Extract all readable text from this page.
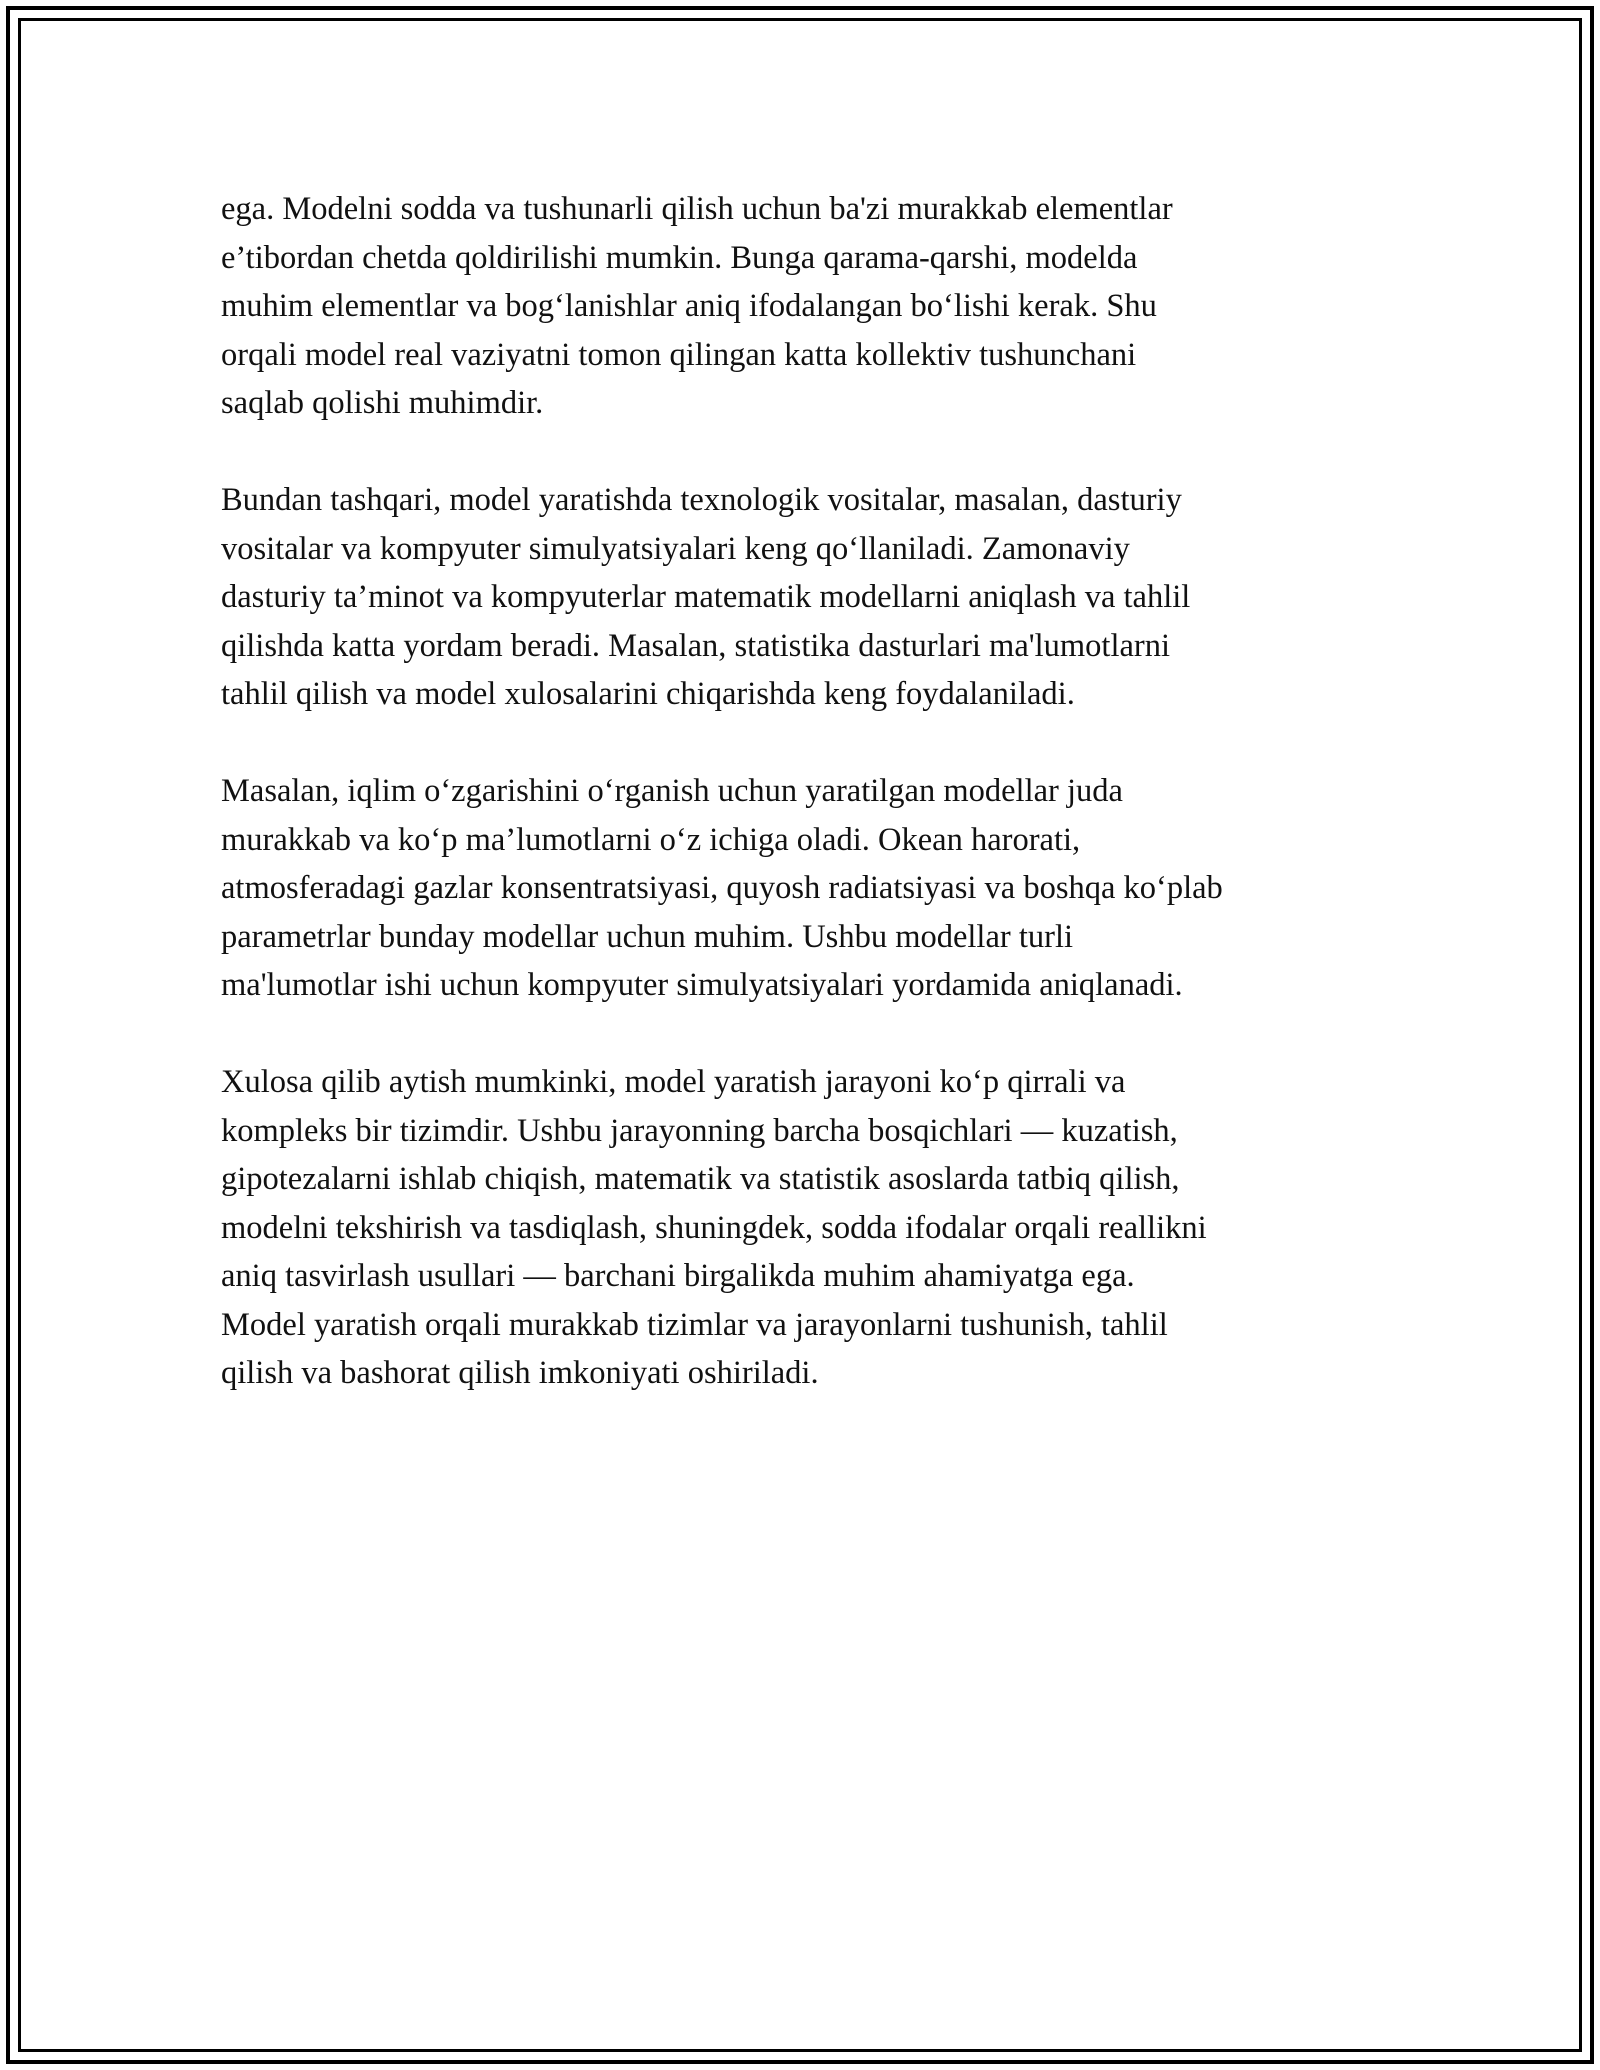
ega. Modelni sodda va tushunarli qilish uchun ba'zi murakkab elementlar
e’tibordan chetda qoldirilishi mumkin. Bunga qarama-qarshi, modelda
muhim elementlar va bog‘lanishlar aniq ifodalangan bo‘lishi kerak. Shu
orqali model real vaziyatni tomon qilingan katta kollektiv tushunchani
saqlab qolishi muhimdir.

Bundan tashqari, model yaratishda texnologik vositalar, masalan, dasturiy
vositalar va kompyuter simulyatsiyalari keng qo‘llaniladi. Zamonaviy
dasturiy ta’minot va kompyuterlar matematik modellarni aniqlash va tahlil
qilishda katta yordam beradi. Masalan, statistika dasturlari ma'lumotlarni
tahlil qilish va model xulosalarini chiqarishda keng foydalaniladi.

Masalan, iqlim o‘zgarishini o‘rganish uchun yaratilgan modellar juda
murakkab va ko‘p ma’lumotlarni o‘z ichiga oladi. Okean harorati,
atmosferadagi gazlar konsentratsiyasi, quyosh radiatsiyasi va boshqa ko‘plab
parametrlar bunday modellar uchun muhim. Ushbu modellar turli
ma'lumotlar ishi uchun kompyuter simulyatsiyalari yordamida aniqlanadi.

Xulosa qilib aytish mumkinki, model yaratish jarayoni ko‘p qirrali va
kompleks bir tizimdir. Ushbu jarayonning barcha bosqichlari — kuzatish,
gipotezalarni ishlab chiqish, matematik va statistik asoslarda tatbiq qilish,
modelni tekshirish va tasdiqlash, shuningdek, sodda ifodalar orqali reallikni
aniq tasvirlash usullari — barchani birgalikda muhim ahamiyatga ega.
Model yaratish orqali murakkab tizimlar va jarayonlarni tushunish, tahlil
qilish va bashorat qilish imkoniyati oshiriladi.
